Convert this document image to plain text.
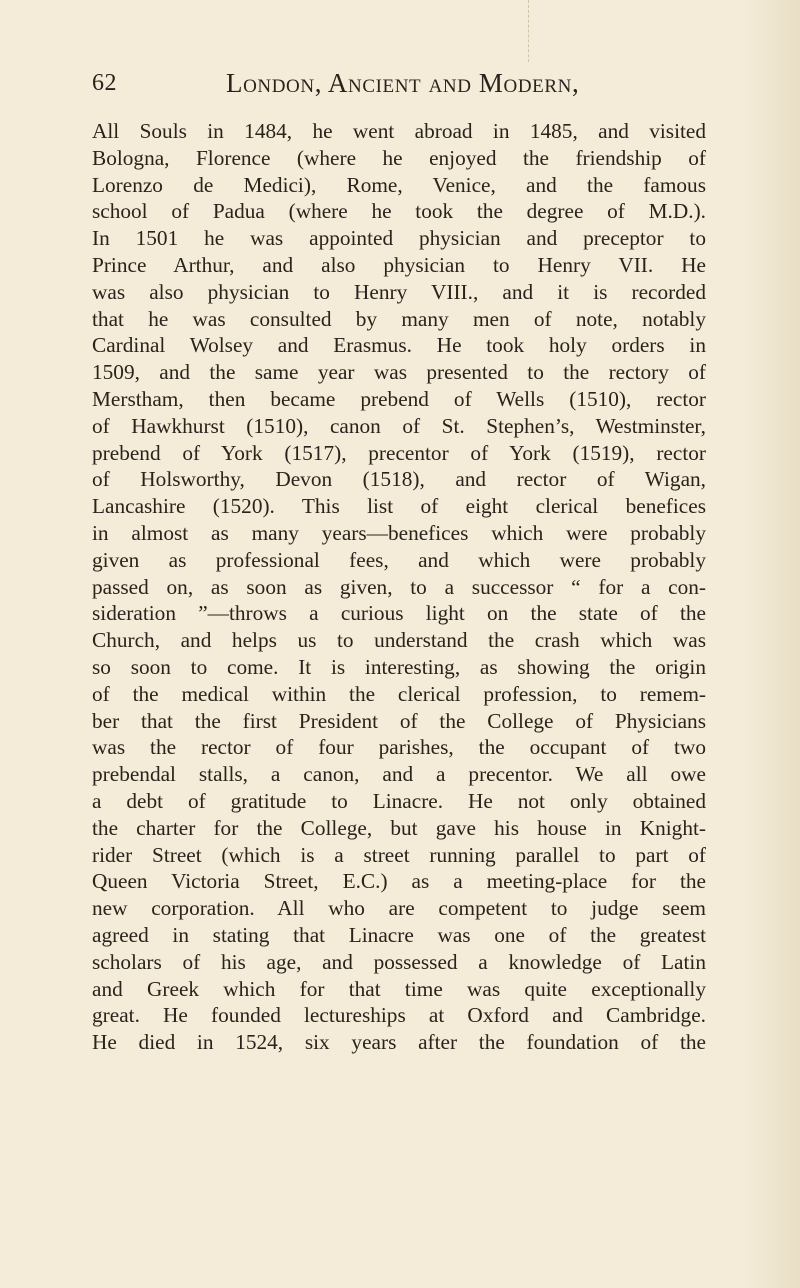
62	London, Ancient and Modern,
All Souls in 1484, he went abroad in 1485, and visited
Bologna, Florence (where he enjoyed the friendship of
Lorenzo de Medici), Rome, Venice, and the famous
school of Padua (where he took the degree of M.D.).
In 1501 he was appointed physician and preceptor to
Prince Arthur, and also physician to Henry VII. He
was also physician to Henry VIII., and it is recorded
that he was consulted by many men of note, notably
Cardinal Wolsey and Erasmus. He took holy orders in
1509, and the same year was presented to the rectory of
Merstham, then became prebend of Wells (1510), rector
of Hawkhurst (1510), canon of St. Stephen’s, Westminster,
prebend of York (1517), precentor of York (1519), rector
of Holsworthy, Devon (1518), and rector of Wigan,
Lancashire (1520). This list of eight clerical benefices
in almost as many years—benefices which were probably
given as professional fees, and which were probably
passed on, as soon as given, to a successor “ for a con-
sideration ”—throws a curious light on the state of the
Church, and helps us to understand the crash which was
so soon to come. It is interesting, as showing the origin
of the medical within the clerical profession, to remem-
ber that the first President of the College of Physicians
was the rector of four parishes, the occupant of two
prebendal stalls, a canon, and a precentor. We all owe
a debt of gratitude to Linacre. He not only obtained
the charter for the College, but gave his house in Knight-
rider Street (which is a street running parallel to part of
Queen Victoria Street, E.C.) as a meeting-place for the
new corporation. All who are competent to judge seem
agreed in stating that Linacre was one of the greatest
scholars of his age, and possessed a knowledge of Latin
and Greek which for that time was quite exceptionally
great. He founded lectureships at Oxford and Cambridge.
He died in 1524, six years after the foundation of the
